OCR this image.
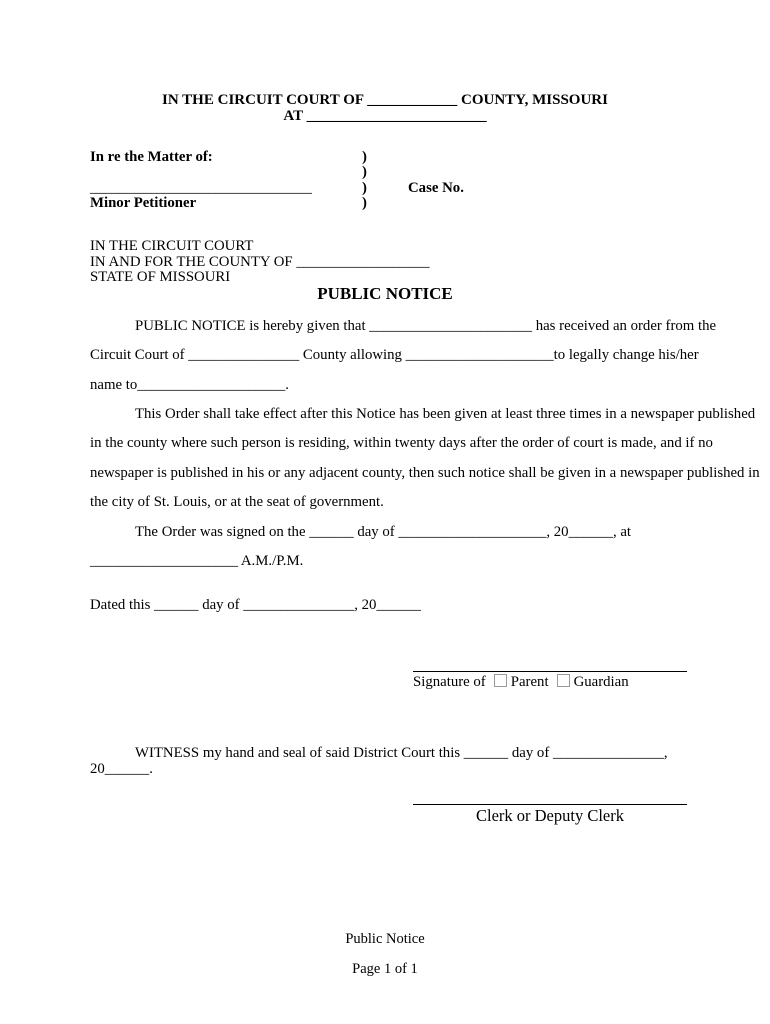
IN THE CIRCUIT COURT OF ____________ COUNTY, MISSOURI
AT ________________________
In re the Matter of:	)
)
______________________________	)	Case No.
Minor Petitioner	)
IN THE CIRCUIT COURT
IN AND FOR THE COUNTY OF __________________
STATE OF MISSOURI
PUBLIC NOTICE
PUBLIC NOTICE is hereby given that ______________________ has received an order from the
Circuit Court of _______________ County allowing ____________________to legally change his/her
name to____________________.
This Order shall take effect after this Notice has been given at least three times in a newspaper published
in the county where such person is residing, within twenty days after the order of court is made, and if no
newspaper is published in his or any adjacent county, then such notice shall be given in a newspaper published in
the city of St. Louis, or at the seat of government.
The Order was signed on the ______ day of ____________________, 20______, at
____________________ A.M./P.M.
Dated this ______ day of _______________, 20______
Signature of Parent Guardian
WITNESS my hand and seal of said District Court this ______ day of _______________,
20______.
Clerk or Deputy Clerk
Public Notice
Page 1 of 1
